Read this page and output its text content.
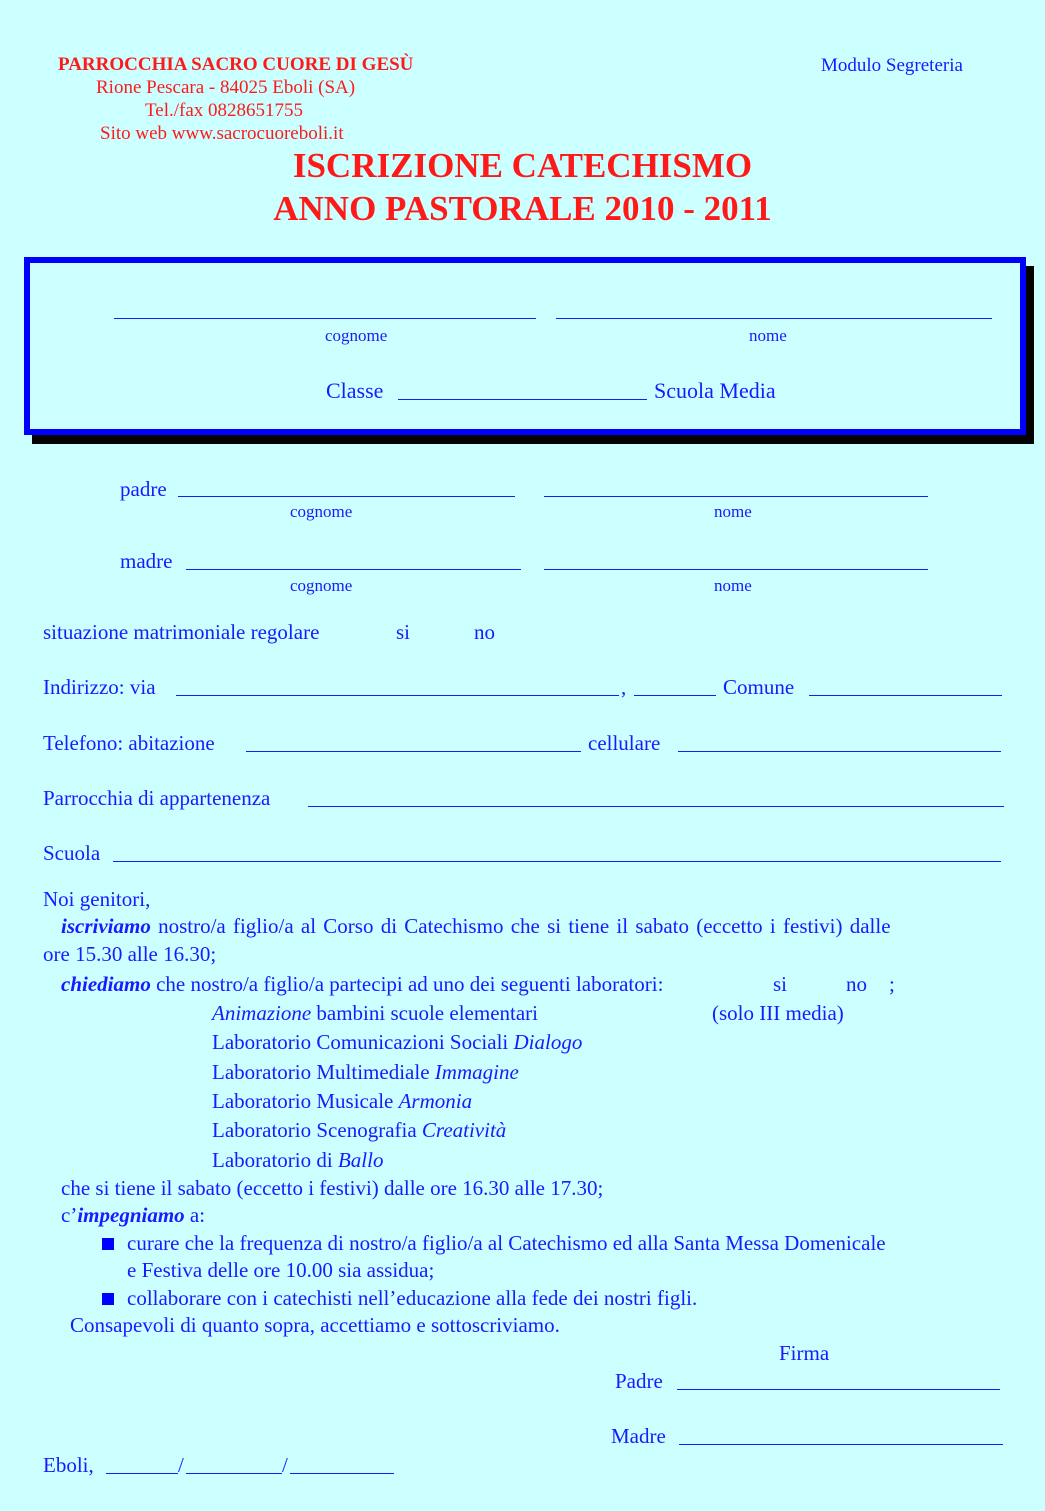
PARROCCHIA SACRO CUORE DI GESÙ
Rione Pescara - 84025 Eboli (SA)
Tel./fax 0828651755
Sito web www.sacrocuoreboli.it
Modulo Segreteria
ISCRIZIONE CATECHISMO
ANNO PASTORALE 2010 - 2011
cognome	nome
Classe	Scuola Media
padre
cognome	nome
madre
cognome	nome
situazione matrimoniale regolare	si	no
Indirizzo: via	,	Comune
Telefono: abitazione	cellulare
Parrocchia di appartenenza
Scuola
Noi genitori,
iscriviamo nostro/a figlio/a al Corso di Catechismo che si tiene il sabato (eccetto i festivi) dalle
ore 15.30 alle 16.30;
chiediamo che nostro/a figlio/a partecipi ad uno dei seguenti laboratori:	si	no ;
Animazione bambini scuole elementari	(solo III media)
Laboratorio Comunicazioni Sociali Dialogo
Laboratorio Multimediale Immagine
Laboratorio Musicale Armonia
Laboratorio Scenografia Creatività
Laboratorio di Ballo
che si tiene il sabato (eccetto i festivi) dalle ore 16.30 alle 17.30;
c’impegniamo a:
curare che la frequenza di nostro/a figlio/a al Catechismo ed alla Santa Messa Domenicale
e Festiva delle ore 10.00 sia assidua;
collaborare con i catechisti nell’educazione alla fede dei nostri figli.
Consapevoli di quanto sopra, accettiamo e sottoscriviamo.
Firma
Padre
Madre
Eboli,	/	/
